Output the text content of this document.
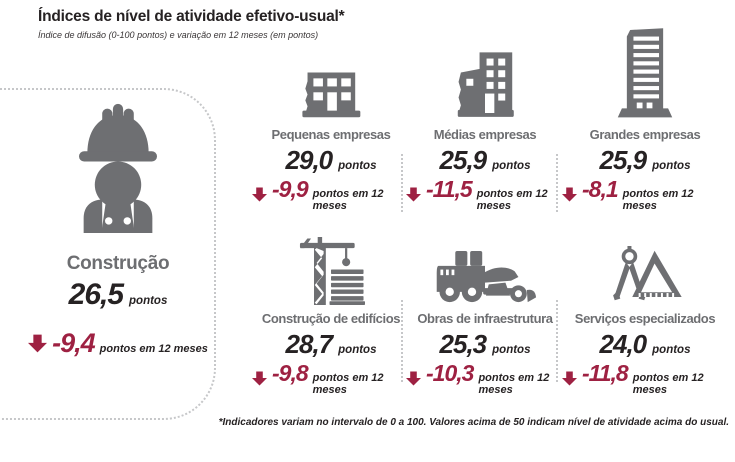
Índices de nível de atividade efetivo-usual*
Índice de difusão (0-100 pontos) e variação em 12 meses (em pontos)
Construção
26,5 pontos
-9,4 pontos em 12 meses
Pequenas empresas
29,0 pontos
-9,9 pontos em 12 meses
Médias empresas
25,9 pontos
-11,5 pontos em 12 meses
Grandes empresas
25,9 pontos
-8,1 pontos em 12 meses
Construção de edifícios
28,7 pontos
-9,8 pontos em 12 meses
Obras de infraestrutura
25,3 pontos
-10,3 pontos em 12 meses
Serviços especializados
24,0 pontos
-11,8 pontos em 12 meses
*Indicadores variam no intervalo de 0 a 100. Valores acima de 50 indicam nível de atividade acima do usual.
